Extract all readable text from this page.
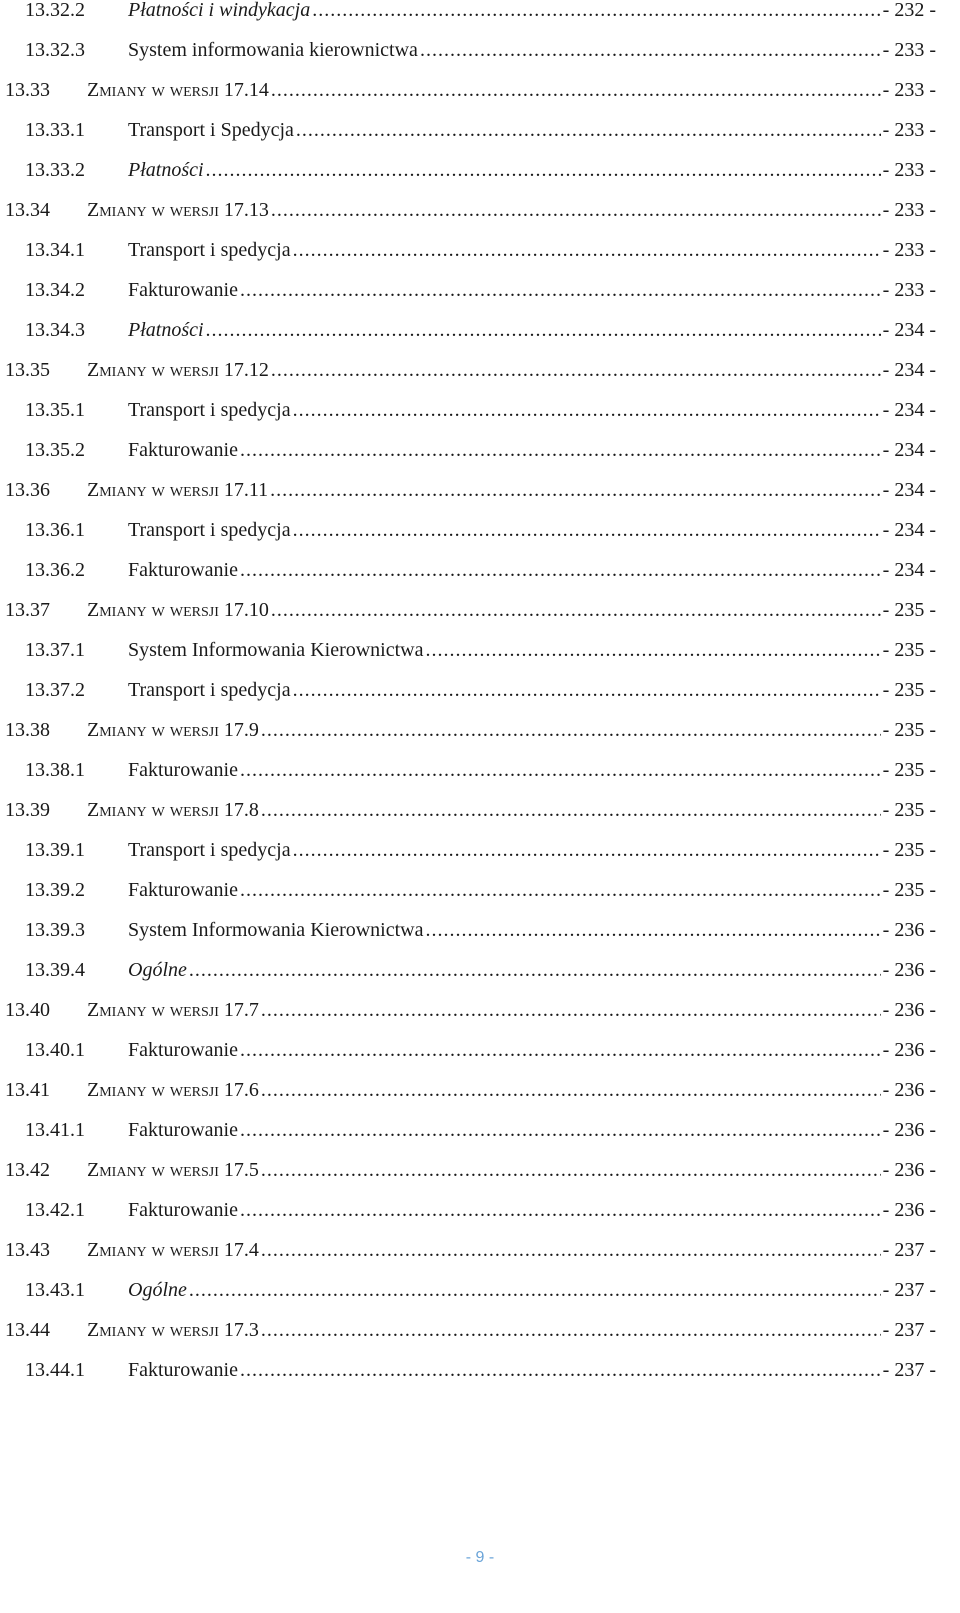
13.32.2 Płatności i windykacja .....	- 232 -
13.32.3 System informowania kierownictwa .....	- 233 -
13.33 Zmiany w wersji 17.14 .....	- 233 -
13.33.1 Transport i Spedycja .....	- 233 -
13.33.2 Płatności .....	- 233 -
13.34 Zmiany w wersji 17.13 .....	- 233 -
13.34.1 Transport i spedycja .....	- 233 -
13.34.2 Fakturowanie .....	- 233 -
13.34.3 Płatności .....	- 234 -
13.35 Zmiany w wersji 17.12 .....	- 234 -
13.35.1 Transport i spedycja .....	- 234 -
13.35.2 Fakturowanie .....	- 234 -
13.36 Zmiany w wersji 17.11 .....	- 234 -
13.36.1 Transport i spedycja .....	- 234 -
13.36.2 Fakturowanie .....	- 234 -
13.37 Zmiany w wersji 17.10 .....	- 235 -
13.37.1 System Informowania Kierownictwa .....	- 235 -
13.37.2 Transport i spedycja .....	- 235 -
13.38 Zmiany w wersji 17.9 .....	- 235 -
13.38.1 Fakturowanie .....	- 235 -
13.39 Zmiany w wersji 17.8 .....	- 235 -
13.39.1 Transport i spedycja .....	- 235 -
13.39.2 Fakturowanie .....	- 235 -
13.39.3 System Informowania Kierownictwa .....	- 236 -
13.39.4 Ogólne .....	- 236 -
13.40 Zmiany w wersji 17.7 .....	- 236 -
13.40.1 Fakturowanie .....	- 236 -
13.41 Zmiany w wersji 17.6 .....	- 236 -
13.41.1 Fakturowanie .....	- 236 -
13.42 Zmiany w wersji 17.5 .....	- 236 -
13.42.1 Fakturowanie .....	- 236 -
13.43 Zmiany w wersji 17.4 .....	- 237 -
13.43.1 Ogólne .....	- 237 -
13.44 Zmiany w wersji 17.3 .....	- 237 -
13.44.1 Fakturowanie .....	- 237 -
- 9 -
